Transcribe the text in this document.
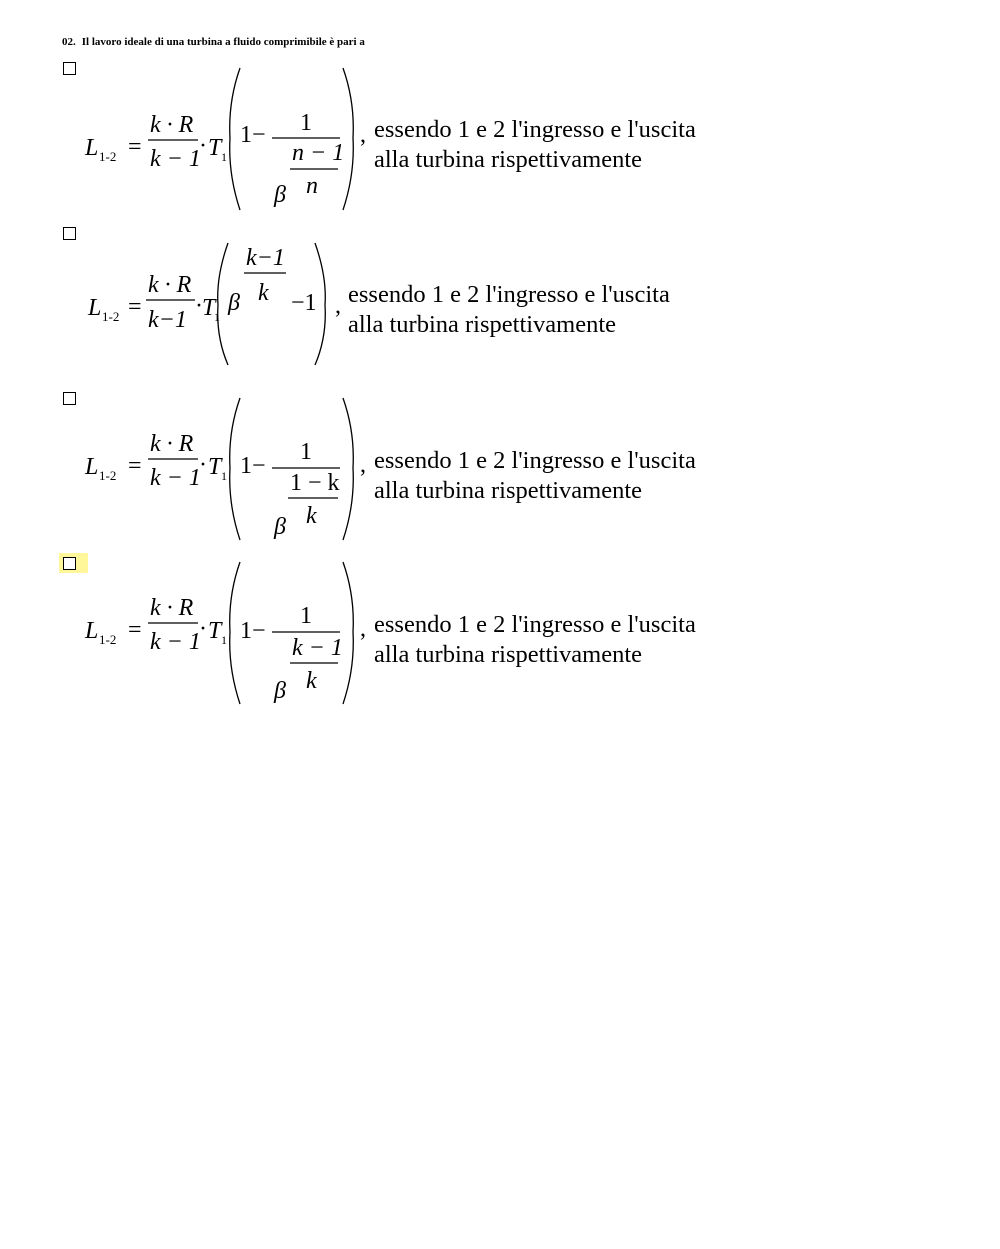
02. Il lavoro ideale di una turbina a fluido comprimibile è pari a
L 1-2 =
k · R
k − 1
· T 1
1 − 1
n − 1
β n
, essendo 1 e 2 l'ingresso e l'uscita
alla turbina rispettivamente
L 1-2 =
k · R
k−1
· T
1
β
k−1
k −1 , essendo 1 e 2 l'ingresso e l'uscita
alla turbina rispettivamente
L 1-2 =
k · R
k − 1
· T 1 1 −
1
1 − k
β k
, essendo 1 e 2 l'ingresso e l'uscita
alla turbina rispettivamente
L 1-2 =
k · R
k − 1
· T 1 1 −
1
k − 1
β k
, essendo 1 e 2 l'ingresso e l'uscita
alla turbina rispettivamente
